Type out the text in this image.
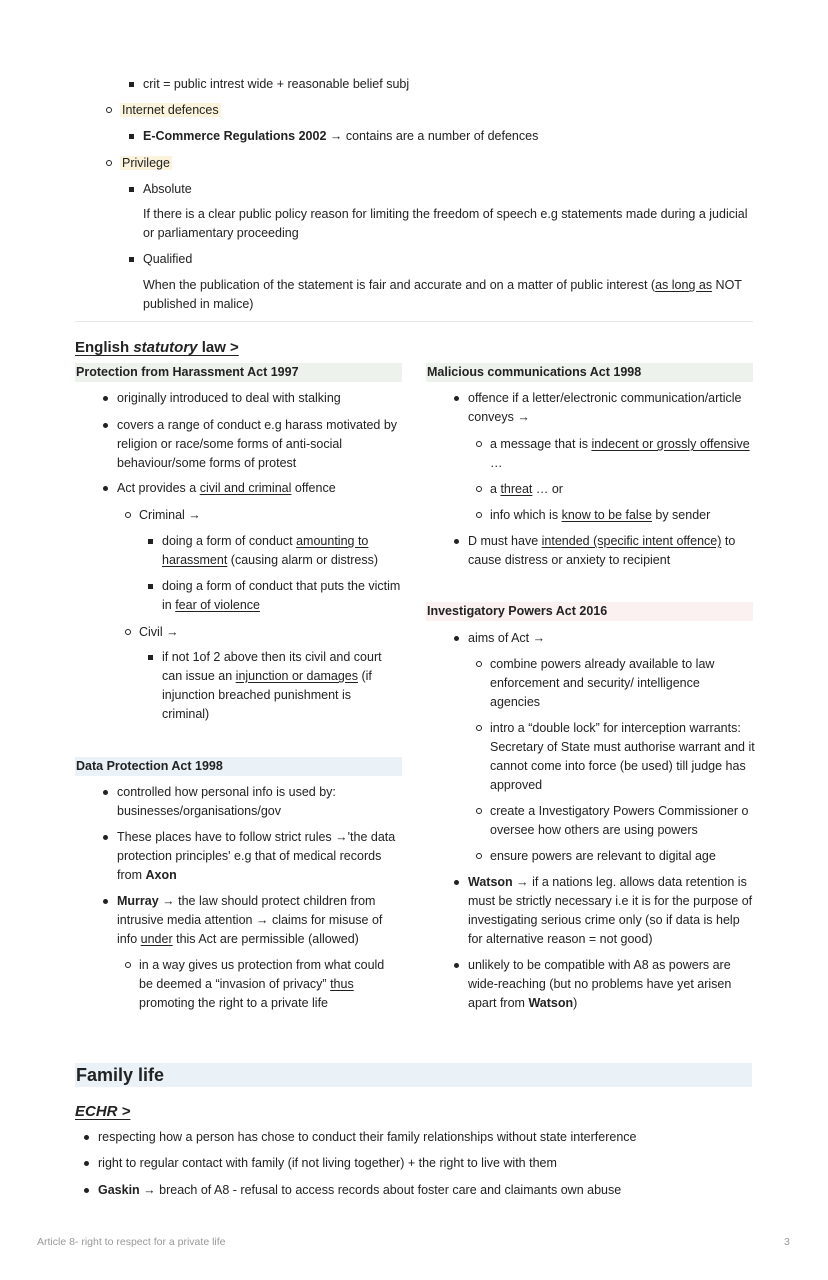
crit = public intrest wide + reasonable belief subj
Internet defences
E-Commerce Regulations 2002 → contains are a number of defences
Privilege
Absolute
If there is a clear public policy reason for limiting the freedom of speech e.g statements made during a judicial or parliamentary proceeding
Qualified
When the publication of the statement is fair and accurate and on a matter of public interest (as long as NOT published in malice)
English statutory law >
Protection from Harassment Act 1997
originally introduced to deal with stalking
covers a range of conduct e.g harass motivated by religion or race/some forms of anti-social behaviour/some forms of protest
Act provides a civil and criminal offence
Criminal →
doing a form of conduct amounting to harassment (causing alarm or distress)
doing a form of conduct that puts the victim in fear of violence
Civil →
if not 1of 2 above then its civil and court can issue an injunction or damages (if injunction breached punishment is criminal)
Data Protection Act 1998
controlled how personal info is used by: businesses/organisations/gov
These places have to follow strict rules →'the data protection principles' e.g that of medical records from Axon
Murray → the law should protect children from intrusive media attention → claims for misuse of info under this Act are permissible (allowed)
in a way gives us protection from what could be deemed a “invasion of privacy” thus promoting the right to a private life
Malicious communications Act 1998
offence if a letter/electronic communication/article conveys →
a message that is indecent or grossly offensive …
a threat … or
info which is know to be false by sender
D must have intended (specific intent offence) to cause distress or anxiety to recipient
Investigatory Powers Act 2016
aims of Act →
combine powers already available to law enforcement and security/ intelligence agencies
intro a “double lock” for interception warrants: Secretary of State must authorise warrant and it cannot come into force (be used) till judge has approved
create a Investigatory Powers Commissioner o oversee how others are using powers
ensure powers are relevant to digital age
Watson → if a nations leg. allows data retention is must be strictly necessary i.e it is for the purpose of investigating serious crime only (so if data is help for alternative reason = not good)
unlikely to be compatible with A8 as powers are wide-reaching (but no problems have yet arisen apart from Watson)
Family life
ECHR >
respecting how a person has chose to conduct their family relationships without state interference
right to regular contact with family (if not living together) + the right to live with them
Gaskin → breach of A8 - refusal to access records about foster care and claimants own abuse
Article 8- right to respect for a private life	3
